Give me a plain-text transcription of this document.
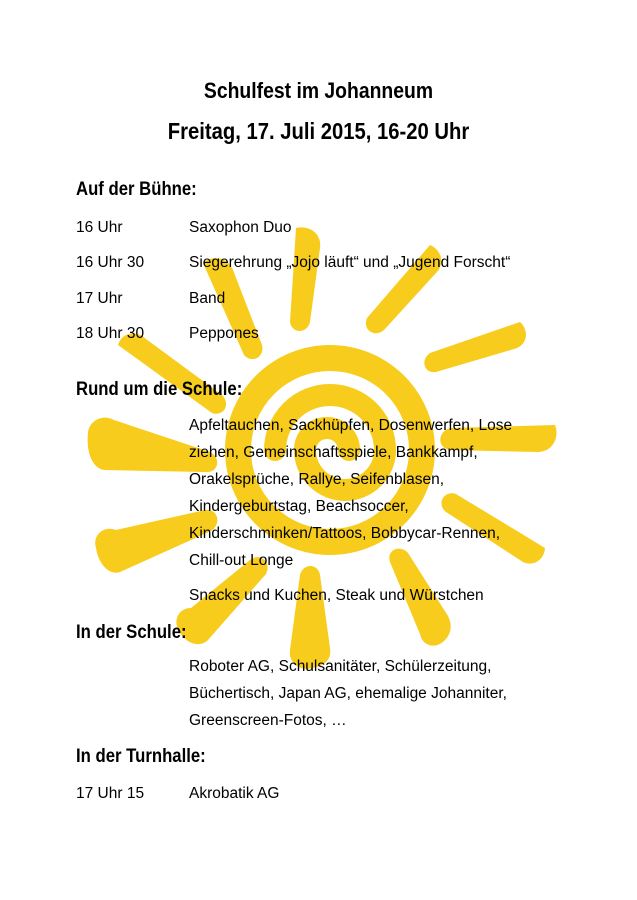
Schulfest im Johanneum
Freitag, 17. Juli 2015, 16-20 Uhr
Auf der Bühne:
16 Uhr	Saxophon Duo
16 Uhr 30	Siegerehrung „Jojo läuft“ und „Jugend Forscht“
17 Uhr	Band
18 Uhr 30	Peppones
Rund um die Schule:
Apfeltauchen, Sackhüpfen, Dosenwerfen, Lose
ziehen, Gemeinschaftsspiele, Bankkampf,
Orakelsprüche, Rallye, Seifenblasen,
Kindergeburtstag, Beachsoccer,
Kinderschminken/Tattoos, Bobbycar-Rennen,
Chill-out Longe
Snacks und Kuchen, Steak und Würstchen
In der Schule:
Roboter AG, Schulsanitäter, Schülerzeitung,
Büchertisch, Japan AG, ehemalige Johanniter,
Greenscreen-Fotos, …
In der Turnhalle:
17 Uhr 15	Akrobatik AG
